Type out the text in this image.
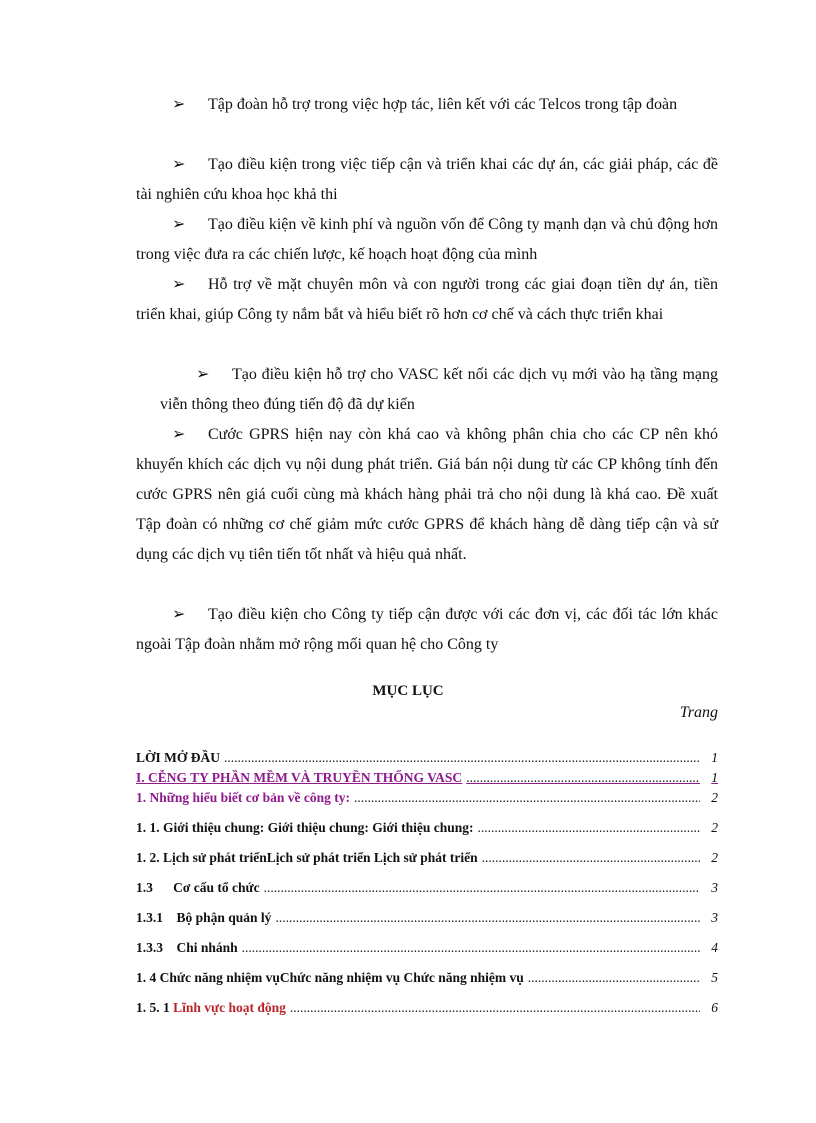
➢ Tập đoàn hỗ trợ trong việc hợp tác, liên kết với các Telcos trong tập đoàn
➢ Tạo điều kiện trong việc tiếp cận và triển khai các dự án, các giải pháp, các đề tài nghiên cứu khoa học khả thi
➢ Tạo điều kiện về kinh phí và nguồn vốn để Công ty mạnh dạn và chủ động hơn trong việc đưa ra các chiến lược, kế hoạch hoạt động của mình
➢ Hỗ trợ về mặt chuyên môn và con người trong các giai đoạn tiền dự án, tiền triển khai, giúp Công ty nắm bắt và hiểu biết rõ hơn cơ chế và cách thực triển khai
➢ Tạo điều kiện hỗ trợ cho VASC kết nối các dịch vụ mới vào hạ tầng mạng viễn thông theo đúng tiến độ đã dự kiến
➢ Cước GPRS hiện nay còn khá cao và không phân chia cho các CP nên khó khuyến khích các dịch vụ nội dung phát triển. Giá bán nội dung từ các CP không tính đến cước GPRS nên giá cuối cùng mà khách hàng phải trả cho nội dung là khá cao. Đề xuất Tập đoàn có những cơ chế giảm mức cước GPRS để khách hàng dễ dàng tiếp cận và sử dụng các dịch vụ tiên tiến tốt nhất và hiệu quả nhất.
➢ Tạo điều kiện cho Công ty tiếp cận được với các đơn vị, các đối tác lớn khác ngoài Tập đoàn nhằm mở rộng mối quan hệ cho Công ty
MỤC LỤC
Trang
LỜI MỞ ĐẦU .....	1
I. CỄNG TY PHẦN MỀM VÀ TRUYỀN THỐNG VASC .....	1
1. Những hiểu biết cơ bản về công ty: .....	2
1. 1. Giới thiệu chung: Giới thiệu chung: Giới thiệu chung: .....	2
1. 2. Lịch sử phát triểnLịch sử phát triển Lịch sử phát triển .....	2
1.3      Cơ cấu tổ chức .....	3
1.3.1    Bộ phận quản lý .....	3
1.3.3    Chi nhánh .....	4
1. 4 Chức năng nhiệm vụChức năng nhiệm vụ Chức năng nhiệm vụ .....	5
1. 5. 1 Lĩnh vực hoạt động .....	6
